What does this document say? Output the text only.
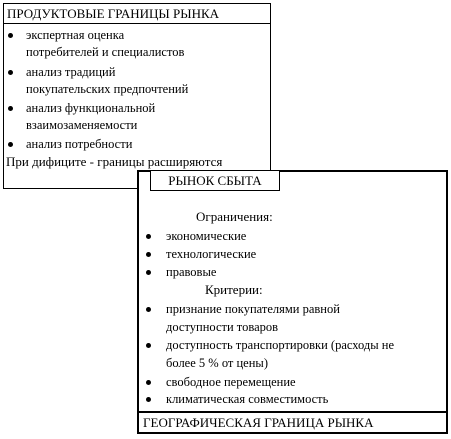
ПРОДУКТОВЫЕ ГРАНИЦЫ РЫНКА
экспертная оценка
потребителей и специалистов
анализ традиций
покупательских предпочтений
анализ функциональной
взаимозаменяемости
анализ потребности
При дифиците - границы расширяются
Ограничения:
экономические
технологические
правовые
Критерии:
признание покупателями равной
доступности товаров
доступность транспортировки (расходы не
более 5 % от цены)
свободное перемещение
климатическая совместимость
РЫНОК СБЫТА
ГЕОГРАФИЧЕСКАЯ ГРАНИЦА РЫНКА
